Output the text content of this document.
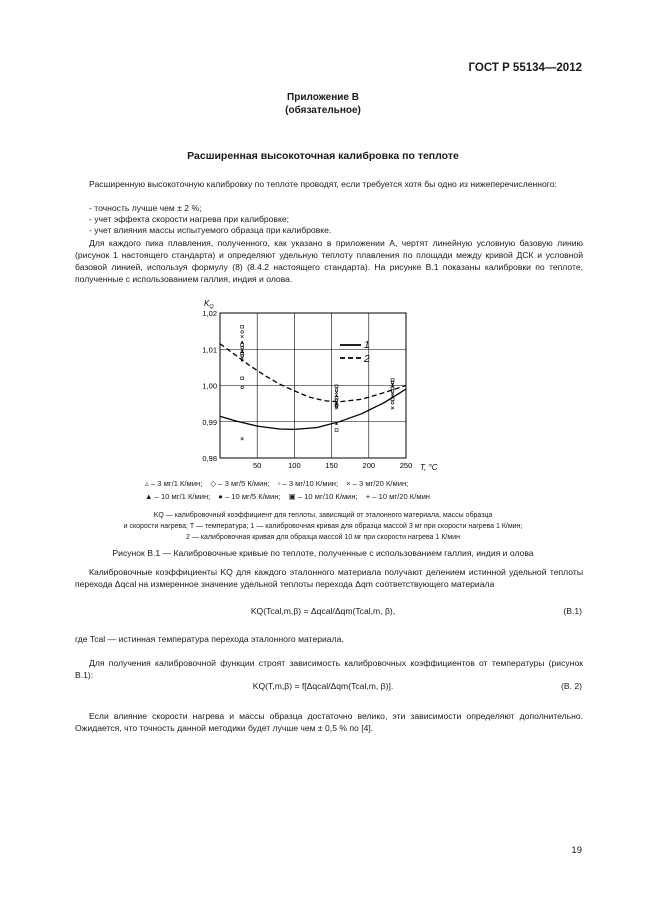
ГОСТ Р 55134—2012
Приложение В
(обязательное)
Расширенная высокоточная калибровка по теплоте
Расширенную высокоточную калибровку по теплоте проводят, если требуется хотя бы одно из нижеперечисленного:
- точность лучше чем ± 2 %;
- учет эффекта скорости нагрева при калибровке;
- учет влияния массы испытуемого образца при калибровке.
Для каждого пика плавления, полученного, как указано в приложении А, чертят линейную условную базовую линию (рисунок 1 настоящего стандарта) и определяют удельную теплоту плавления по площади между кривой ДСК и условной базовой линией, используя формулу (8) (8.4.2 настоящего стандарта). На рисунке В.1 показаны калибровки по теплоте, полученные с использованием галлия, индия и олова.
0,98
0,99
1,00
1,01
1,02
50	100	150	200	250
$K_Q$
T, °C
1
2
▵ – 3 мг/1 К/мин; ◇ – 3 мг/5 К/мин; ▫ – 3 мг/10 К/мин; × – 3 мг/20 К/мин;
▲ – 10 мг/1 К/мин; ● – 10 мг/5 К/мин; ▣ – 10 мг/10 К/мин; + – 10 мг/20 К/мин
KQ — калибровочный коэффициент для теплоты, зависящий от эталонного материала, массы образца
и скорости нагрева; T — температура; 1 — калибровочная кривая для образца массой 3 мг при скорости нагрева 1 К/мин;
2 — калибровочная кривая для образца массой 10 мг при скорости нагрева 1 К/мин
Рисунок В.1 — Калибровочные кривые по теплоте, полученные с использованием галлия, индия и олова
Калибровочные коэффициенты KQ для каждого эталонного материала получают делением истинной удельной теплоты перехода Δqcal на измеренное значение удельной теплоты перехода Δqm соответствующего материала
KQ(Tcal,m,β) = Δqcal/Δqm(Tcal,m, β),	(В.1)
где Tcal — истинная температура перехода эталонного материала.
Для получения калибровочной функции строят зависимость калибровочных коэффициентов от температуры (рисунок В.1):
KQ(T,m,β) = f[Δqcal/Δqm(Tcal,m, β)].	(В. 2)
Если влияние скорости нагрева и массы образца достаточно велико, эти зависимости определяют дополнительно. Ожидается, что точность данной методики будет лучше чем ± 0,5 % по [4].
19
